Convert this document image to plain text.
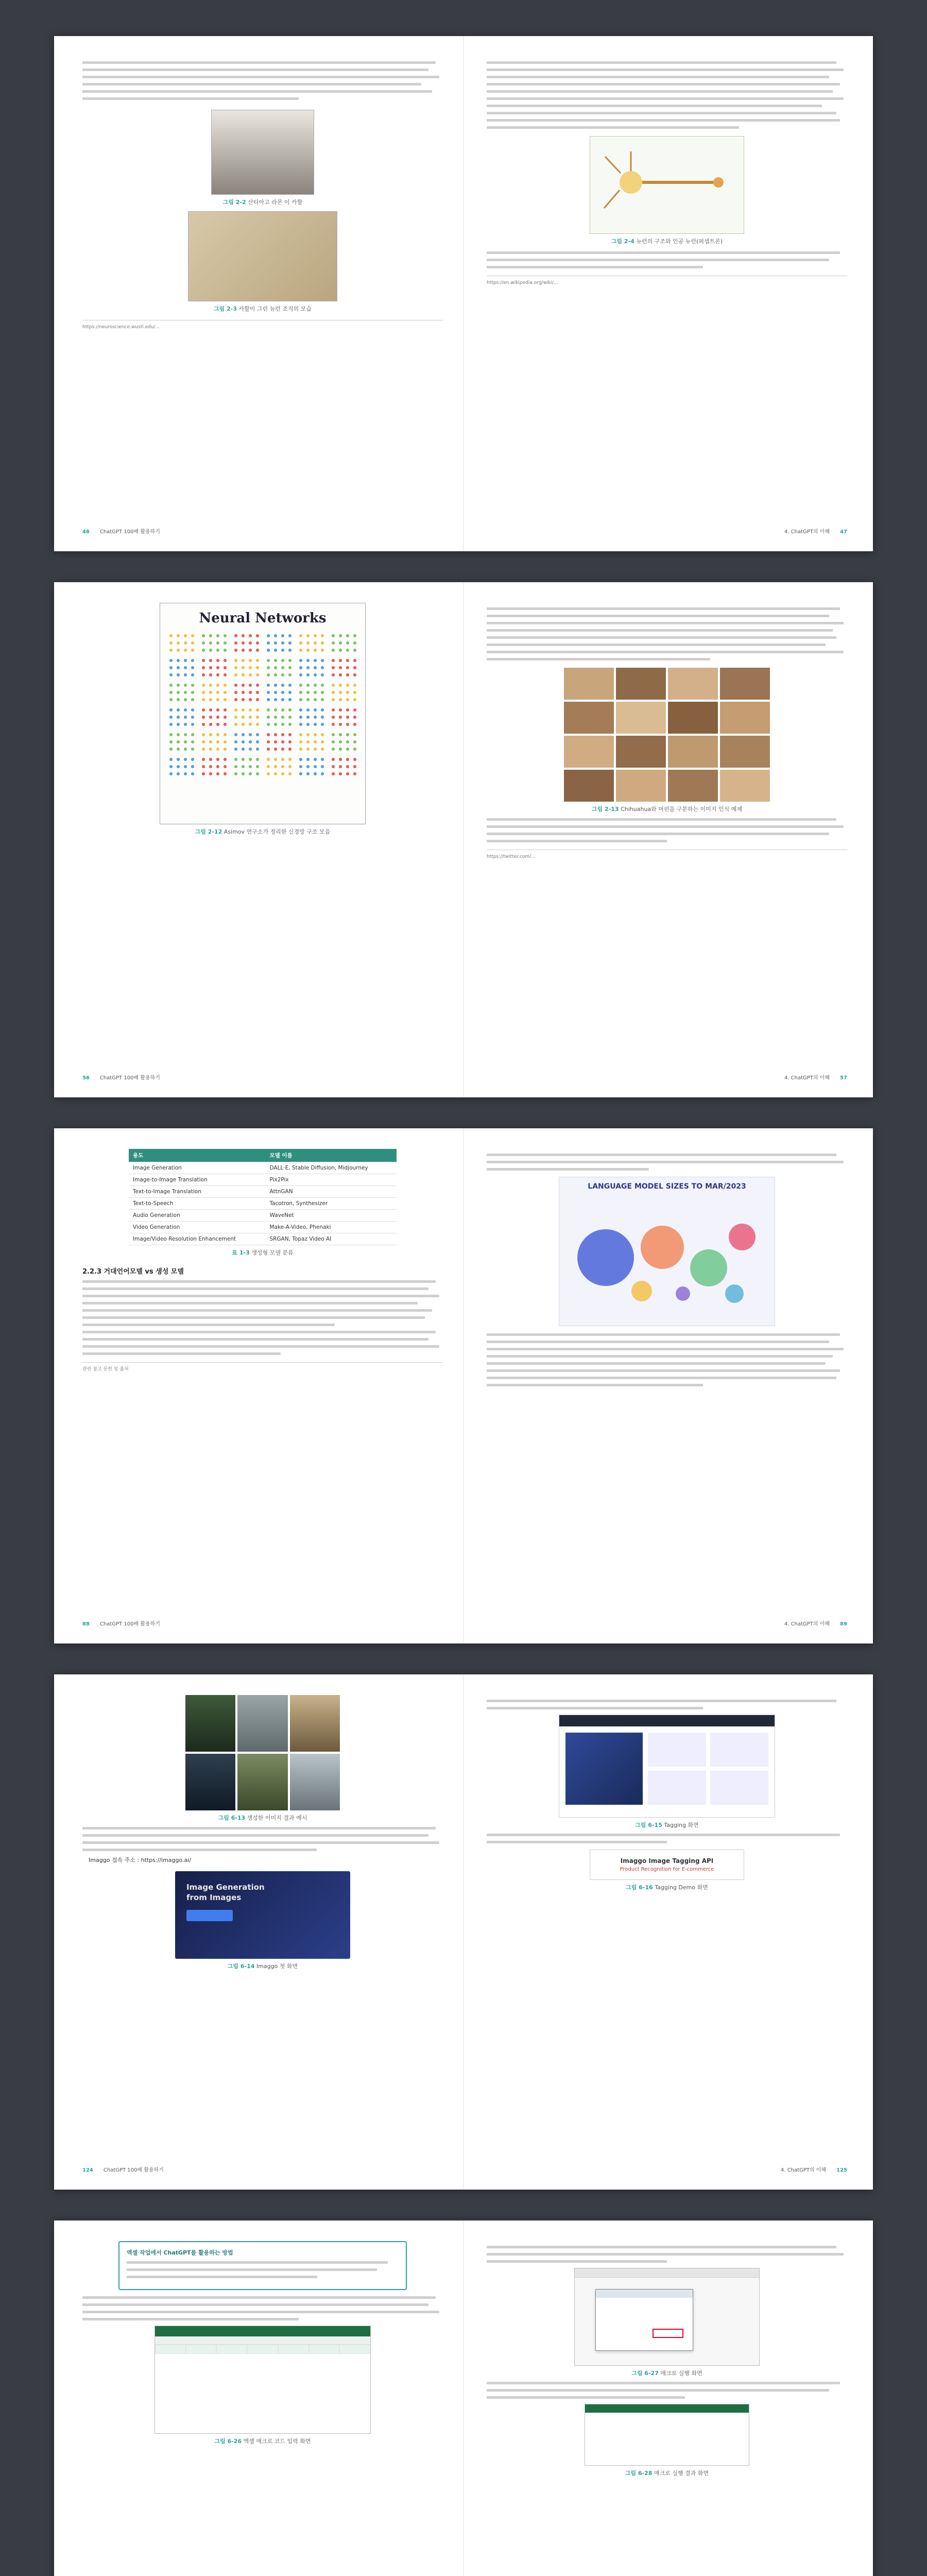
그림 2-2 산티아고 라몬 이 카할
그림 2-3 카할이 그린 뉴런 조직의 모습
https://neuroscience.wustl.edu/...
46 ChatGPT 100배 활용하기
그림 2-4 뉴런의 구조와 인공 뉴런(퍼셉트론)
https://en.wikipedia.org/wiki/...
4. ChatGPT의 이해 47
Neural Networks
그림 2-12 Asimov 연구소가 정리한 신경망 구조 모음
56 ChatGPT 100배 활용하기
그림 2-13 Chihuahua와 머핀을 구분하는 이미지 인식 예제
https://twitter.com/...
4. ChatGPT의 이해 57
용도	모델 이름
Image Generation	DALL·E, Stable Diffusion, Midjourney
Image-to-Image Translation	Pix2Pix
Text-to-Image Translation	AttnGAN
Text-to-Speech	Tacotron, Synthesizer
Audio Generation	WaveNet
Video Generation	Make-A-Video, Phenaki
Image/Video Resolution Enhancement	SRGAN, Topaz Video AI
표 1-3 생성형 모델 분류
2.2.3 거대언어모델 vs 생성 모델
관련 참고 문헌 및 출처
88 ChatGPT 100배 활용하기
LANGUAGE MODEL SIZES TO MAR/2023
4. ChatGPT의 이해 89
그림 6-13 생성한 이미지 결과 예시
Imaggo 접속 주소 : https://imaggo.ai/
Image Generation from Images
그림 6-14 Imaggo 첫 화면
124 ChatGPT 100배 활용하기
그림 6-15 Tagging 화면
Imaggo Image Tagging API
Product Recognition for E-commerce
그림 6-16 Tagging Demo 화면
4. ChatGPT의 이해 125
엑셀 작업에서 ChatGPT를 활용하는 방법
그림 6-26 엑셀 매크로 코드 입력 화면
그림 6-27 매크로 실행 화면
그림 6-28 매크로 실행 결과 화면
